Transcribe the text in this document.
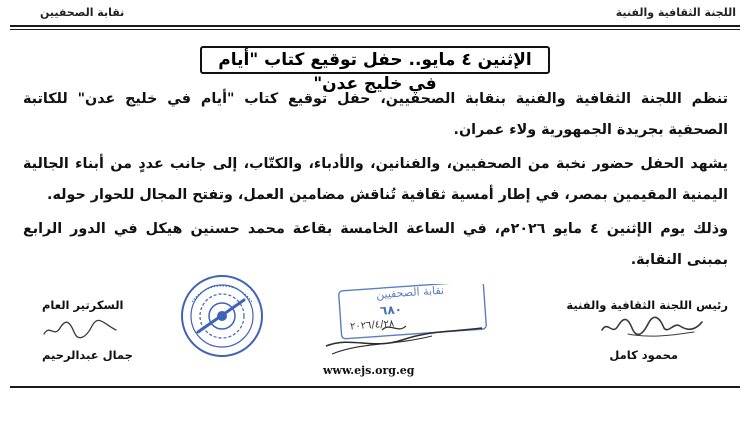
اللجنة الثقافية والفنية
نقابة الصحفيين
الإثنين ٤ مايو.. حفل توقيع كتاب "أيام في خليج عدن"

تنظم اللجنة الثقافية والفنية بنقابة الصحفيين، حفل توقيع كتاب "أيام في خليج عدن" للكاتبة الصحفية بجريدة الجمهورية ولاء عمران.

يشهد الحفل حضور نخبة من الصحفيين، والفنانين، والأدباء، والكتّاب، إلى جانب عددٍ من أبناء الجالية اليمنية المقيمين بمصر، في إطار أمسية ثقافية تُناقش مضامين العمل، وتفتح المجال للحوار حوله.

وذلك يوم الإثنين ٤ مايو ٢٠٢٦م، في الساعة الخامسة بقاعة محمد حسنين هيكل في الدور الرابع بمبنى النقابة.

رئيس اللجنة الثقافية والفنية
محمود كامل
نقابة الصحفيين
٦٨٠
٢٠٢٦/٤/٢٨
www.ejs.org.eg
السكرتير العام
جمال عبدالرحيم
